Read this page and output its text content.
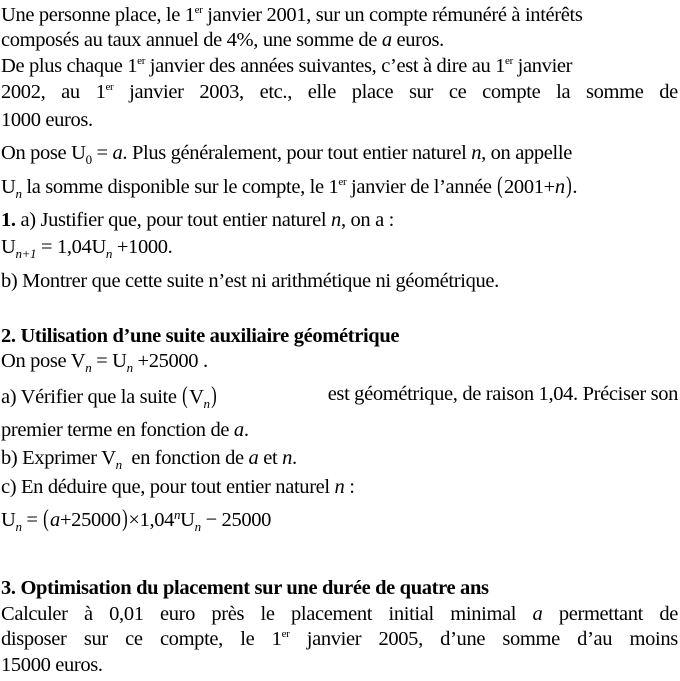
Une personne place, le 1er janvier 2001, sur un compte rémunéré à intérêts
composés au taux annuel de 4%, une somme de a euros.
De plus chaque 1er janvier des années suivantes, c’est à dire au 1er janvier
2002, au 1er janvier 2003, etc., elle place sur ce compte la somme de
1000 euros.
On pose $U_0 = a$. Plus généralement, pour tout entier naturel n, on appelle
$U_n$ la somme disponible sur le compte, le 1er janvier de l’année (2001+n).
1. a) Justifier que, pour tout entier naturel n, on a :
$U_{n+1} = 1,04U_n +1000$.
b) Montrer que cette suite n’est ni arithmétique ni géométrique.
2. Utilisation d’une suite auxiliaire géométrique
On pose $V_n = U_n +25000$ .
a) Vérifier que la suite $(V_n)$	est géométrique, de raison 1,04. Préciser son
premier terme en fonction de a.
b) Exprimer $V_n$  en fonction de a et n.
c) En déduire que, pour tout entier naturel n :
$U_n = (a+25000)\times 1,04^nU_n - 25000$
3. Optimisation du placement sur une durée de quatre ans
Calculer à 0,01 euro près le placement initial minimal a permettant de
disposer sur ce compte, le 1er janvier 2005, d’une somme d’au moins
15000 euros.
